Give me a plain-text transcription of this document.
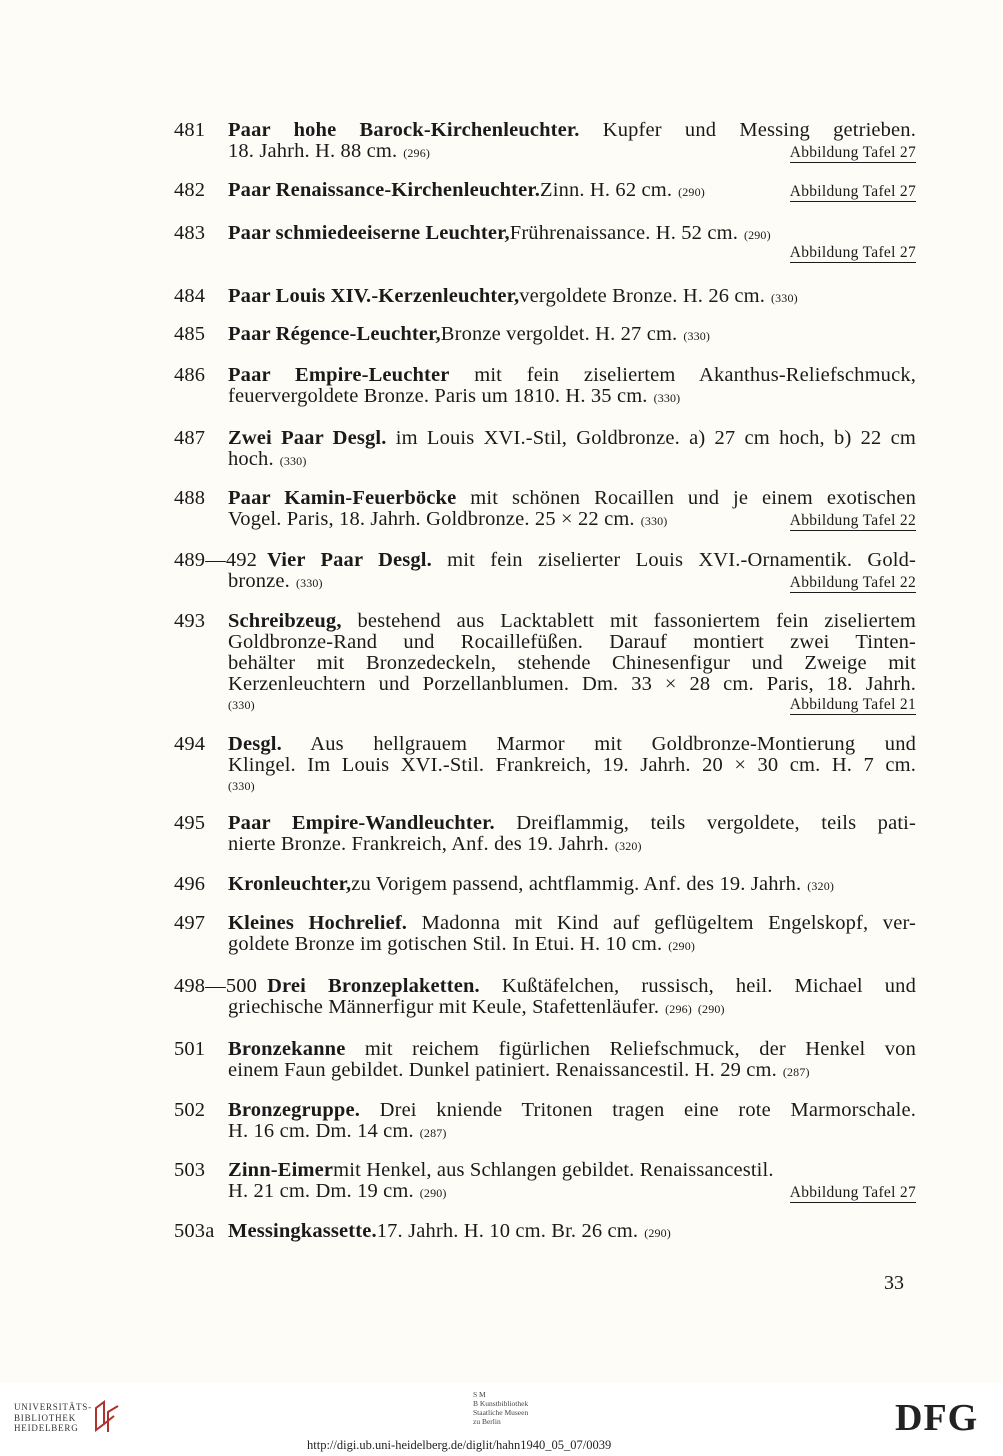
481	Paar hohe Barock-Kirchenleuchter. Kupfer und Messing getrieben.
18. Jahrh. H. 88 cm. (296)	Abbildung Tafel 27
482	Paar Renaissance-Kirchenleuchter. Zinn. H. 62 cm. (290)	Abbildung Tafel 27
483	Paar schmiedeeiserne Leuchter, Frührenaissance. H. 52 cm. (290)
Abbildung Tafel 27
484	Paar Louis XIV.-Kerzenleuchter, vergoldete Bronze. H. 26 cm. (330)
485	Paar Régence-Leuchter, Bronze vergoldet. H. 27 cm. (330)
486	Paar Empire-Leuchter mit fein ziseliertem Akanthus-Reliefschmuck,
feuervergoldete Bronze. Paris um 1810. H. 35 cm. (330)
487	Zwei Paar Desgl. im Louis XVI.-Stil, Goldbronze. a) 27 cm hoch, b) 22 cm
hoch. (330)
488	Paar Kamin-Feuerböcke mit schönen Rocaillen und je einem exotischen
Vogel. Paris, 18. Jahrh. Goldbronze. 25 × 22 cm. (330)	Abbildung Tafel 22
489—492 Vier Paar Desgl. mit fein ziselierter Louis XVI.-Ornamentik. Gold-
bronze. (330)	Abbildung Tafel 22
493	Schreibzeug, bestehend aus Lacktablett mit fassoniertem fein ziseliertem
Goldbronze-Rand und Rocaillefüßen. Darauf montiert zwei Tinten-
behälter mit Bronzedeckeln, stehende Chinesenfigur und Zweige mit
Kerzenleuchtern und Porzellanblumen. Dm. 33 × 28 cm. Paris, 18. Jahrh.
(330)	Abbildung Tafel 21
494	Desgl. Aus hellgrauem Marmor mit Goldbronze-Montierung und
Klingel. Im Louis XVI.-Stil. Frankreich, 19. Jahrh. 20 × 30 cm. H. 7 cm.
(330)
495	Paar Empire-Wandleuchter. Dreiflammig, teils vergoldete, teils pati-
nierte Bronze. Frankreich, Anf. des 19. Jahrh. (320)
496	Kronleuchter, zu Vorigem passend, achtflammig. Anf. des 19. Jahrh. (320)
497	Kleines Hochrelief. Madonna mit Kind auf geflügeltem Engelskopf, ver-
goldete Bronze im gotischen Stil. In Etui. H. 10 cm. (290)
498—500 Drei Bronzeplaketten. Kußtäfelchen, russisch, heil. Michael und
griechische Männerfigur mit Keule, Stafettenläufer. (296) (290)
501	Bronzekanne mit reichem figürlichen Reliefschmuck, der Henkel von
einem Faun gebildet. Dunkel patiniert. Renaissancestil. H. 29 cm. (287)
502	Bronzegruppe. Drei kniende Tritonen tragen eine rote Marmorschale.
H. 16 cm. Dm. 14 cm. (287)
503	Zinn-Eimer mit Henkel, aus Schlangen gebildet. Renaissancestil.
H. 21 cm. Dm. 19 cm. (290)	Abbildung Tafel 27
503a Messingkassette. 17. Jahrh. H. 10 cm. Br. 26 cm. (290)
33
UNIVERSITÄTS-
BIBLIOTHEK
HEIDELBERG
S M
B Kunstbibliothek
Staatliche Museen
zu Berlin	DFG
http://digi.ub.uni-heidelberg.de/diglit/hahn1940_05_07/0039
